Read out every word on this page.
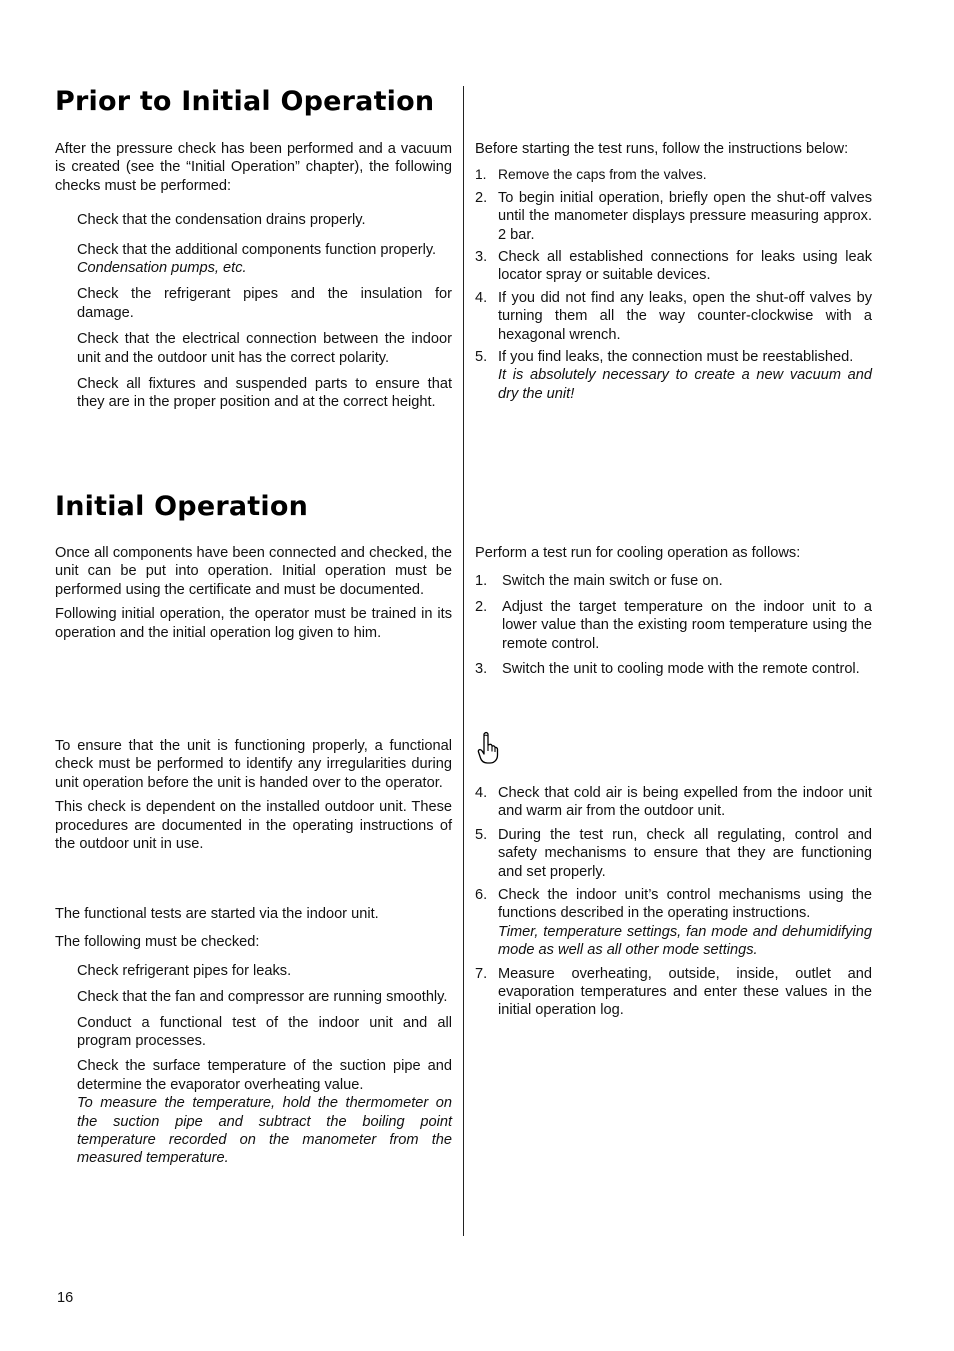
Prior to Initial Operation

After the pressure check has been performed and a vacuum is created (see the “Initial Operation” chapter), the following checks must be performed:

Check that the condensation drains properly.

Check that the additional components function properly.

Condensation pumps, etc.

Check the refrigerant pipes and the insulation for damage.

Check that the electrical connection between the indoor unit and the outdoor unit has the correct polarity.

Check all fixtures and suspended parts to ensure that they are in the proper position and at the correct height.

Before starting the test runs, follow the instructions below:

1. Remove the caps from the valves.
2. To begin initial operation, briefly open the shut-off valves until the manometer displays pressure measuring approx. 2 bar.
3. Check all established connections for leaks using leak locator spray or suitable devices.
4. If you did not find any leaks, open the shut-off valves by turning them all the way counter-clockwise with a hexagonal wrench.
5. If you find leaks, the connection must be reestablished.
It is absolutely necessary to create a new vacuum and dry the unit!
Initial Operation

Once all components have been connected and checked, the unit can be put into operation. Initial operation must be performed using the certificate and must be documented.

Following initial operation, the operator must be trained in its operation and the initial operation log given to him.

To ensure that the unit is functioning properly, a functional check must be performed to identify any irregularities during unit operation before the unit is handed over to the operator.

This check is dependent on the installed outdoor unit. These procedures are documented in the operating instructions of the outdoor unit in use.

The functional tests are started via the indoor unit.

The following must be checked:

Check refrigerant pipes for leaks.

Check that the fan and compressor are running smoothly.

Conduct a functional test of the indoor unit and all program processes.

Check the surface temperature of the suction pipe and determine the evaporator overheating value.

To measure the temperature, hold the thermometer on the suction pipe and subtract the boiling point temperature recorded on the manometer from the measured temperature.

Perform a test run for cooling operation as follows:

1. Switch the main switch or fuse on.
2. Adjust the target temperature on the indoor unit to a lower value than the existing room temperature using the remote control.
3. Switch the unit to cooling mode with the remote control.
4. Check that cold air is being expelled from the indoor unit and warm air from the outdoor unit.
5. During the test run, check all regulating, control and safety mechanisms to ensure that they are functioning and set properly.
6. Check the indoor unit’s control mechanisms using the functions described in the operating instructions.
Timer, temperature settings, fan mode and dehumidifying mode as well as all other mode settings.
7. Measure overheating, outside, inside, outlet and evaporation temperatures and enter these values in the initial operation log.
16
